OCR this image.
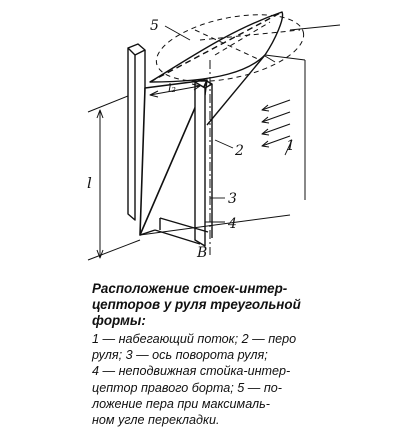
5
1
2
3
4
B
l
l₂

Расположение стоек-интер-
цепторов у руля треугольной
формы:

1 — набегающий поток; 2 — перо
руля; 3 — ось поворота руля;
4 — неподвижная стойка-интер-
цептор правого борта; 5 — по-
ложение пера при максималь-
ном угле перекладки.
